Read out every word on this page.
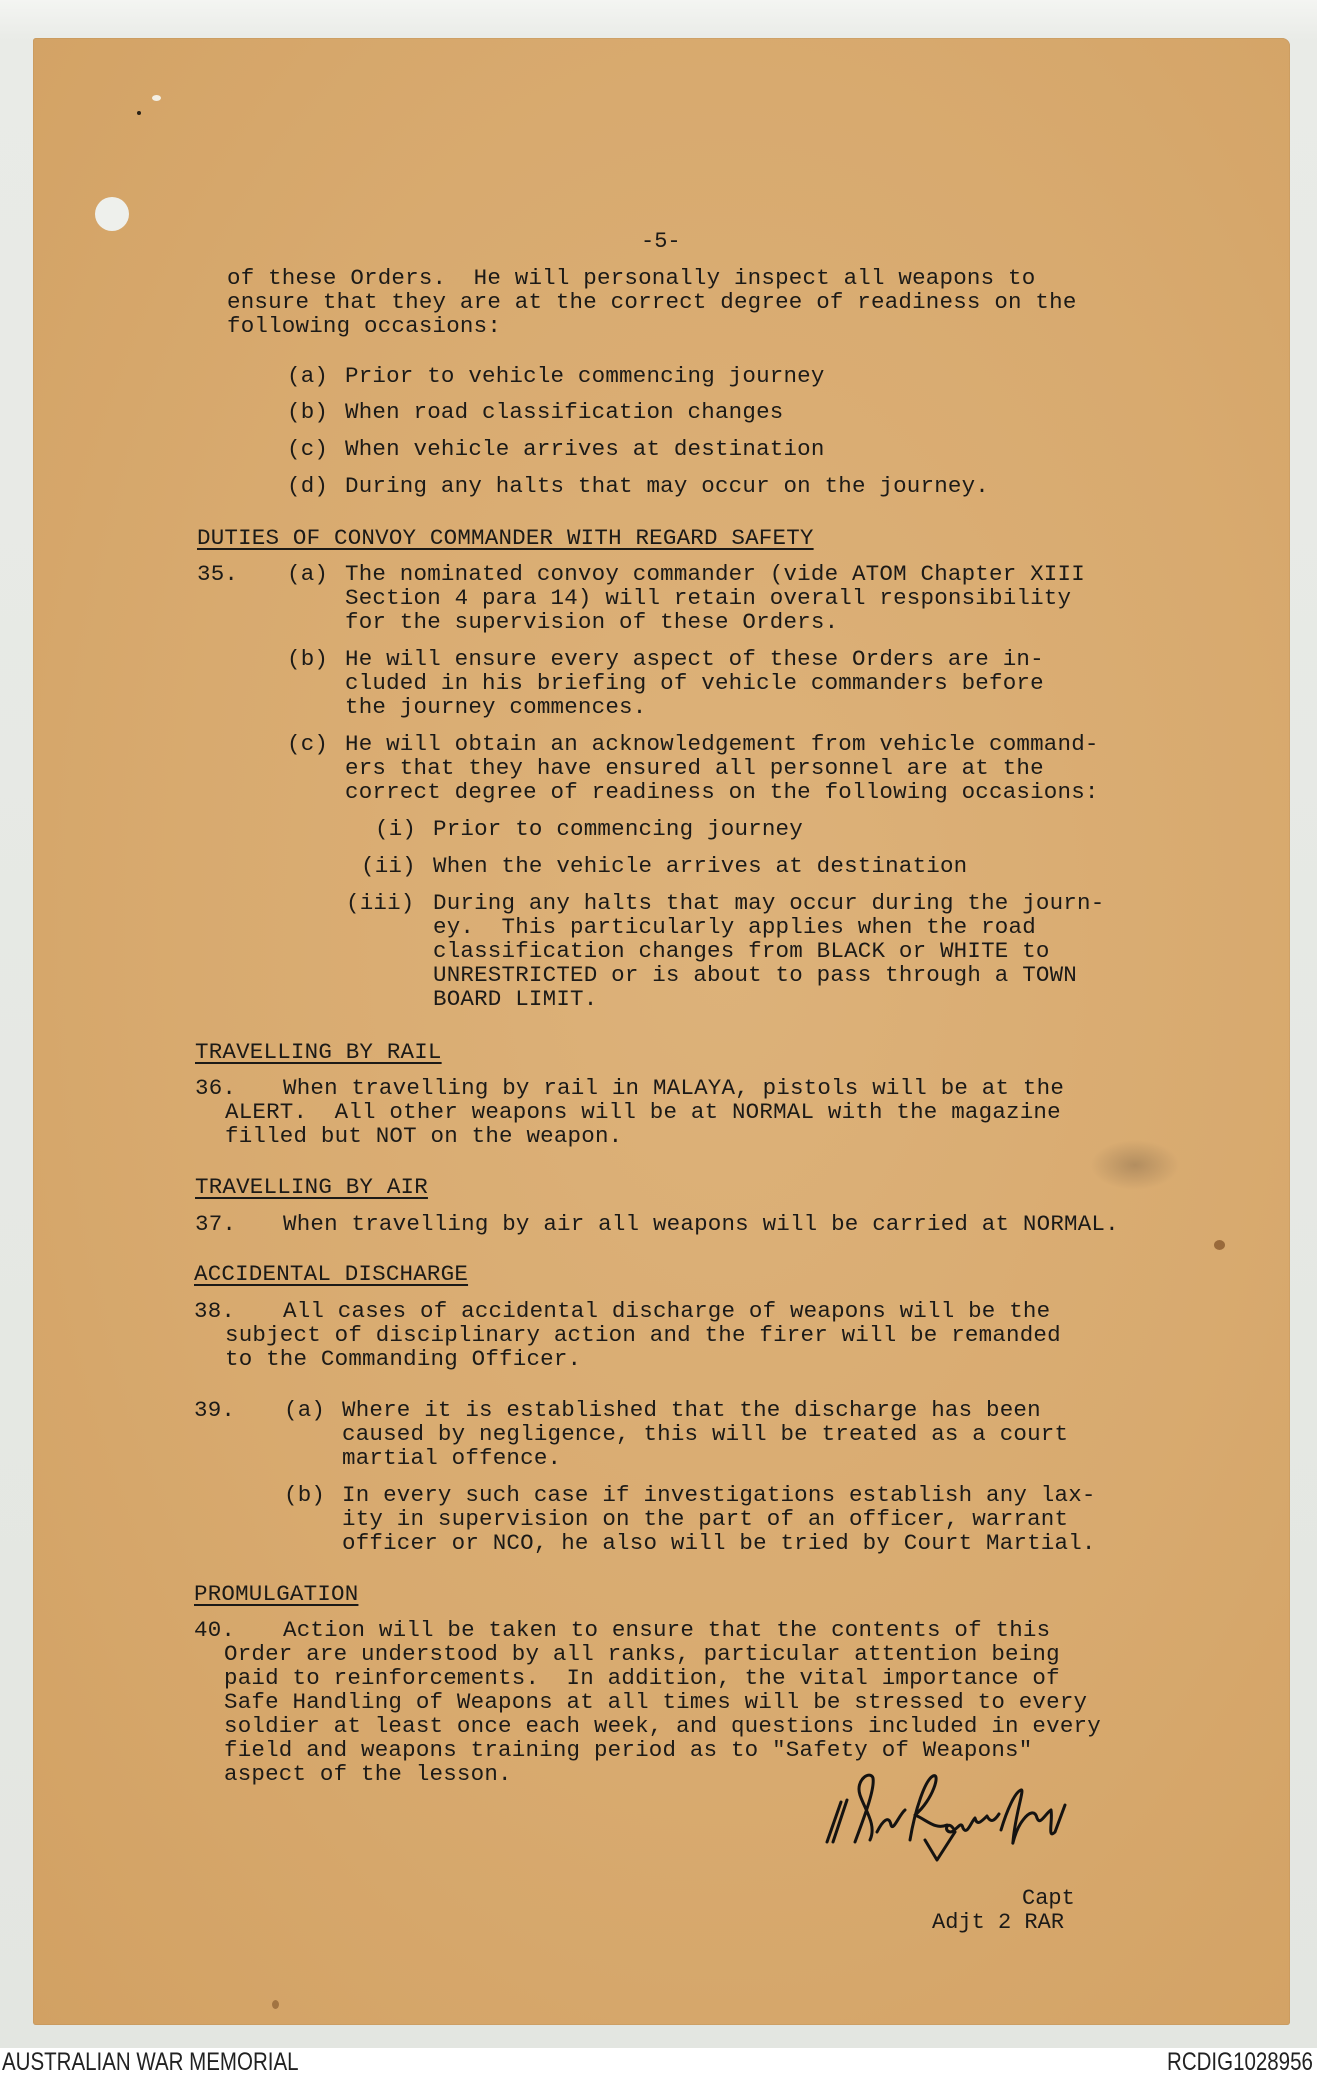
-5-
of these Orders.  He will personally inspect all weapons to
ensure that they are at the correct degree of readiness on the
following occasions:
(a) Prior to vehicle commencing journey
(b) When road classification changes
(c) When vehicle arrives at destination
(d) During any halts that may occur on the journey.
DUTIES OF CONVOY COMMANDER WITH REGARD SAFETY
35. (a) The nominated convoy commander (vide ATOM Chapter XIII
Section 4 para 14) will retain overall responsibility
for the supervision of these Orders.
(b) He will ensure every aspect of these Orders are in-
cluded in his briefing of vehicle commanders before
the journey commences.
(c) He will obtain an acknowledgement from vehicle command-
ers that they have ensured all personnel are at the
correct degree of readiness on the following occasions:
(i) Prior to commencing journey
(ii) When the vehicle arrives at destination
(iii) During any halts that may occur during the journ-
ey.  This particularly applies when the road
classification changes from BLACK or WHITE to
UNRESTRICTED or is about to pass through a TOWN
BOARD LIMIT.
TRAVELLING BY RAIL
36. When travelling by rail in MALAYA, pistols will be at the
ALERT.  All other weapons will be at NORMAL with the magazine
filled but NOT on the weapon.
TRAVELLING BY AIR
37. When travelling by air all weapons will be carried at NORMAL.
ACCIDENTAL DISCHARGE
38. All cases of accidental discharge of weapons will be the
subject of disciplinary action and the firer will be remanded
to the Commanding Officer.
39. (a) Where it is established that the discharge has been
caused by negligence, this will be treated as a court
martial offence.
(b) In every such case if investigations establish any lax-
ity in supervision on the part of an officer, warrant
officer or NCO, he also will be tried by Court Martial.
PROMULGATION
40. Action will be taken to ensure that the contents of this
Order are understood by all ranks, particular attention being
paid to reinforcements.  In addition, the vital importance of
Safe Handling of Weapons at all times will be stressed to every
soldier at least once each week, and questions included in every
field and weapons training period as to "Safety of Weapons"
aspect of the lesson.
Capt
Adjt 2 RAR
AUSTRALIAN WAR MEMORIAL	RCDIG1028956
